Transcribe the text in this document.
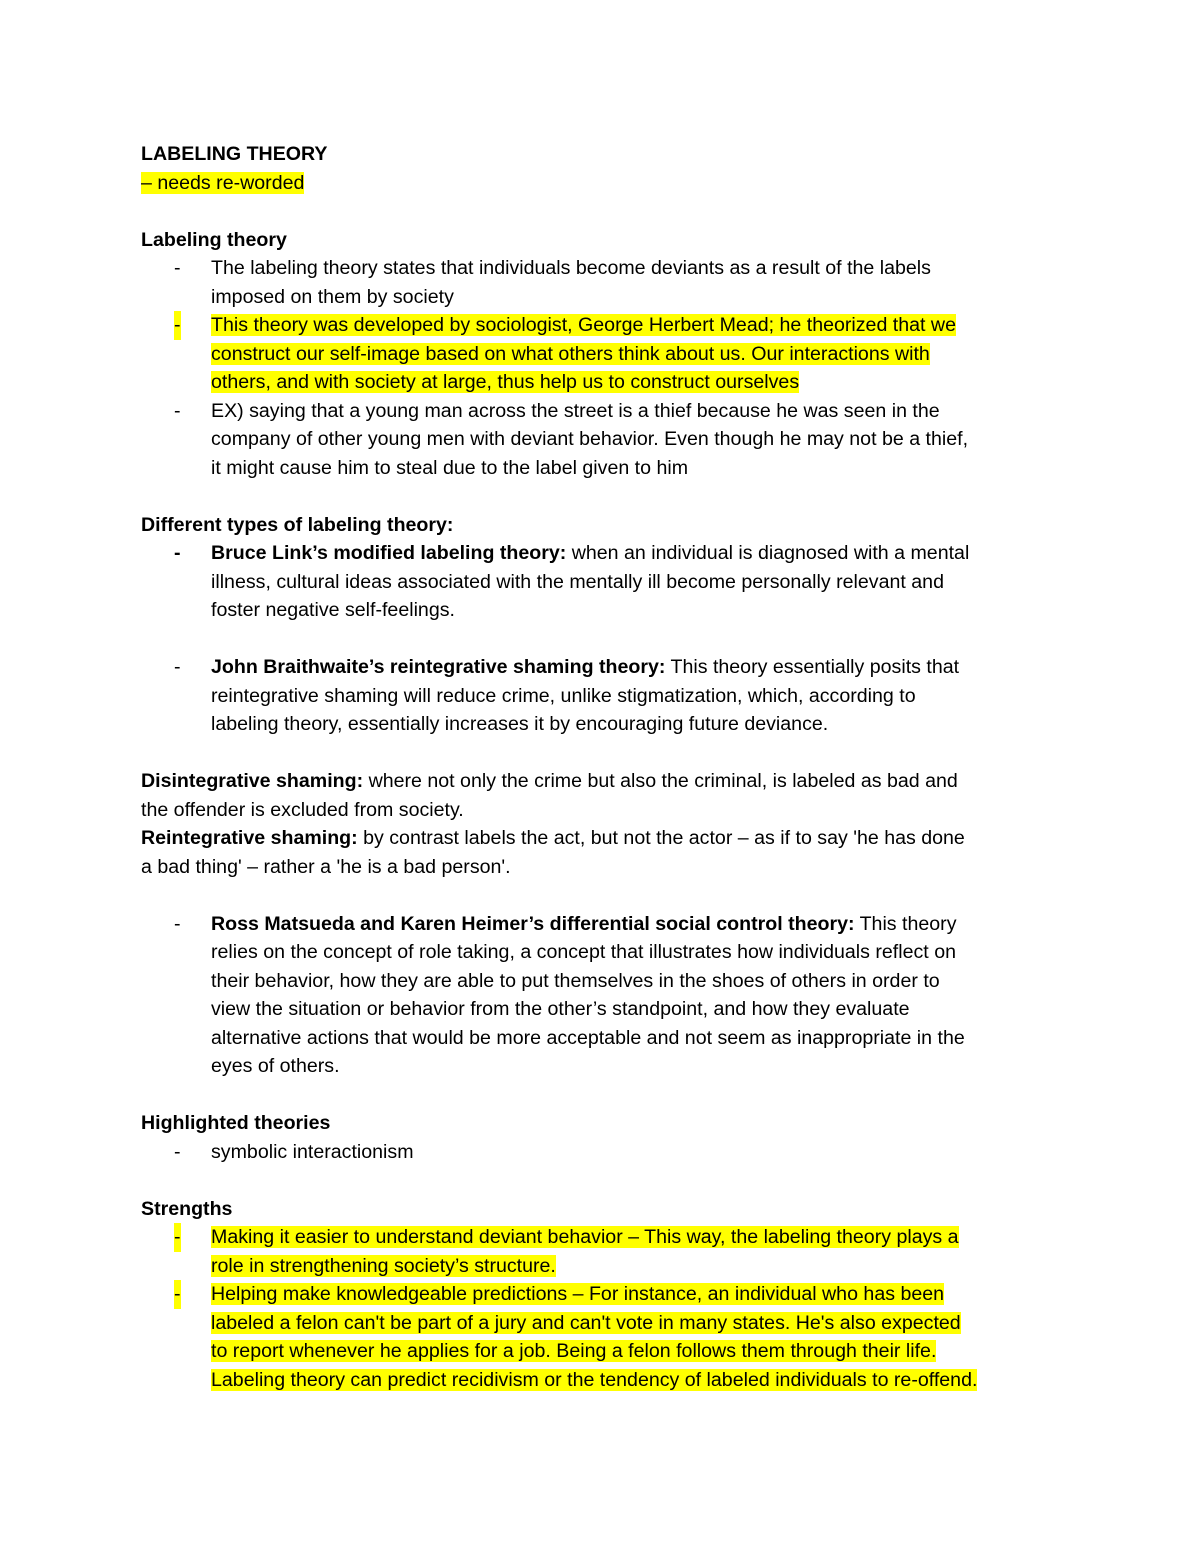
LABELING THEORY
– needs re-worded
Labeling theory
- The labeling theory states that individuals become deviants as a result of the labels
imposed on them by society
- This theory was developed by sociologist, George Herbert Mead; he theorized that we
construct our self-image based on what others think about us. Our interactions with
others, and with society at large, thus help us to construct ourselves
- EX) saying that a young man across the street is a thief because he was seen in the
company of other young men with deviant behavior. Even though he may not be a thief,
it might cause him to steal due to the label given to him
Different types of labeling theory:
- Bruce Link’s modified labeling theory: when an individual is diagnosed with a mental
illness, cultural ideas associated with the mentally ill become personally relevant and
foster negative self-feelings.
- John Braithwaite’s reintegrative shaming theory: This theory essentially posits that
reintegrative shaming will reduce crime, unlike stigmatization, which, according to
labeling theory, essentially increases it by encouraging future deviance.
Disintegrative shaming: where not only the crime but also the criminal, is labeled as bad and
the offender is excluded from society.
Reintegrative shaming: by contrast labels the act, but not the actor – as if to say 'he has done
a bad thing' – rather a 'he is a bad person'.
- Ross Matsueda and Karen Heimer’s differential social control theory: This theory
relies on the concept of role taking, a concept that illustrates how individuals reflect on
their behavior, how they are able to put themselves in the shoes of others in order to
view the situation or behavior from the other’s standpoint, and how they evaluate
alternative actions that would be more acceptable and not seem as inappropriate in the
eyes of others.
Highlighted theories
- symbolic interactionism
Strengths
- Making it easier to understand deviant behavior – This way, the labeling theory plays a
role in strengthening society’s structure.
- Helping make knowledgeable predictions – For instance, an individual who has been
labeled a felon can't be part of a jury and can't vote in many states. He's also expected
to report whenever he applies for a job. Being a felon follows them through their life.
Labeling theory can predict recidivism or the tendency of labeled individuals to re-offend.
